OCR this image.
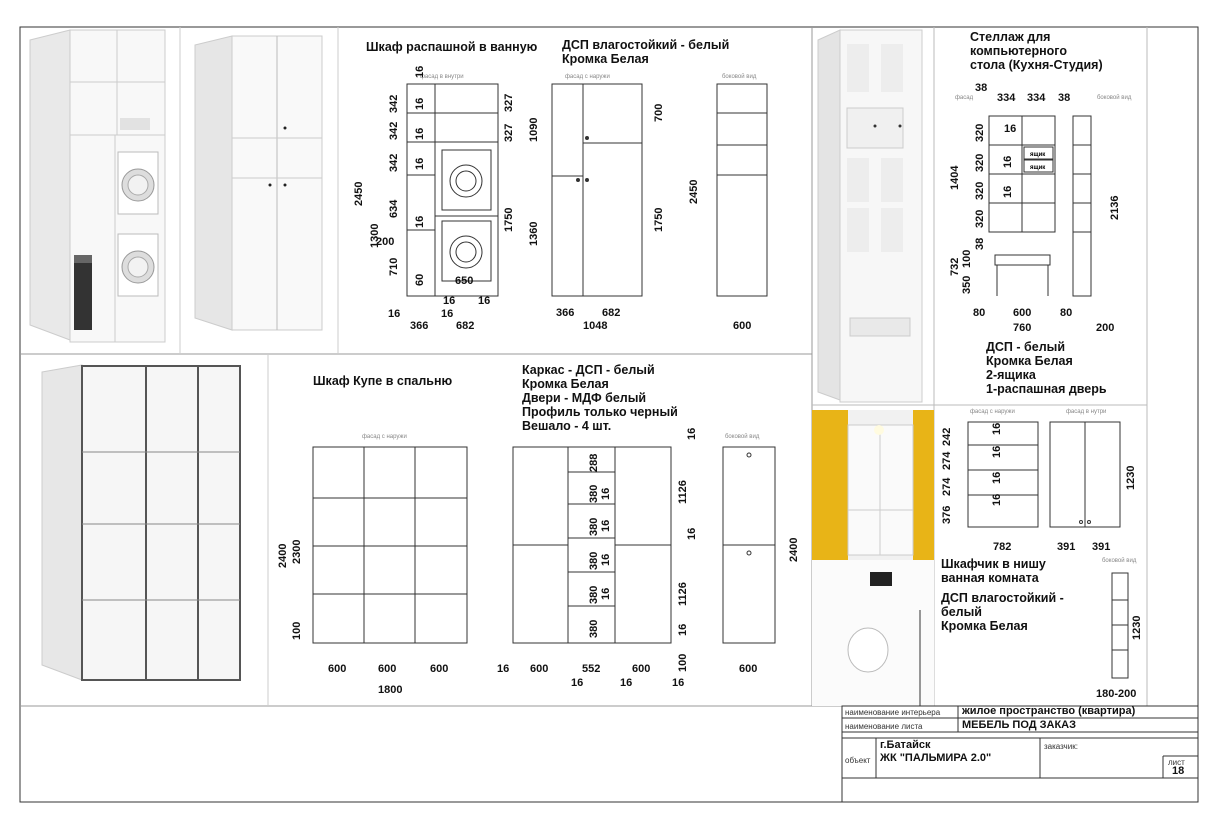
Шкаф распашной в ванную ДСП влагостойкий - белый
Кромка Белая
фасад в внутри	фасад с наружи	боковой вид
16
342 16
342 16
342 16
634
16
710
60
2450
1300
200
327
327
1750
650
16 16
16	16
366	682
1090
1360
700
1750
366	682
1048
2450
600
фасад	боковой вид
38
334 334 38
1404
320
320
320
320
38
100
732
350
16
16
16
ящик
ящик
80	600	80
760
2136
200
фасад с наружи	боковой вид
2400 2300
100
600	600	600
1800
288
380
380
380
380
380
16
16
16
16
16
1126
1126
16
16
100
16 600	552	600
16	16	16
2400
600
фасад с наружи	фасад в нутри
боковой вид
242
274
274
376
16
16
16
16
782
1230
391 391
1230
180-200
Стеллаж для
компьютерного
стола (Кухня-Студия)
ДСП - белый
Кромка Белая
2-ящика
1-распашная дверь
Шкаф Купе в спальню
Каркас - ДСП - белый
Кромка Белая
Двери - МДФ белый
Профиль только черный
Вешало - 4 шт.
Шкафчик в нишу
ванная комната
ДСП влагостойкий -
белый
Кромка Белая
наименование интерьера жилое пространство (квартира)
наименование листа	МЕБЕЛЬ ПОД ЗАКАЗ
объект
г.Батайск
ЖК "ПАЛЬМИРА 2.0"
заказчик:
лист
18
